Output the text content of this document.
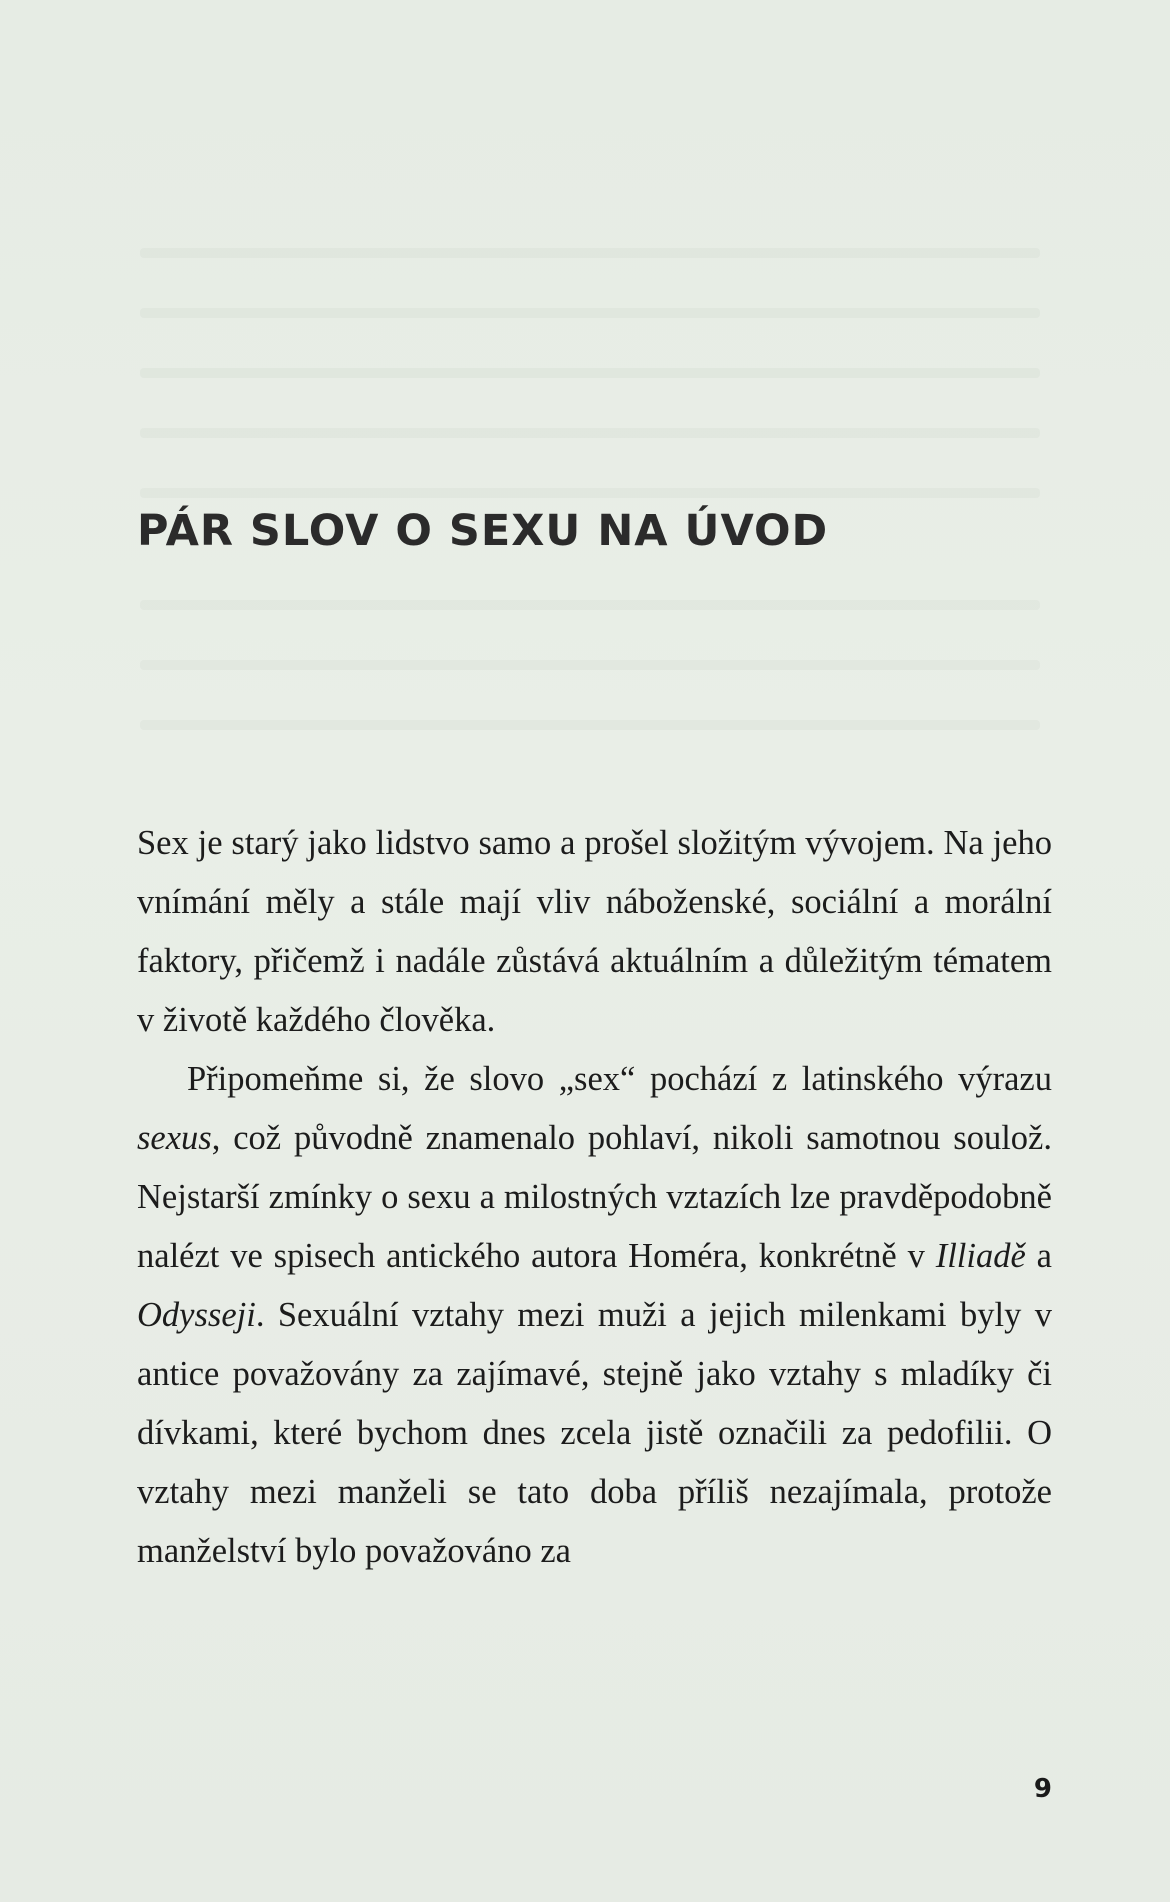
PÁR SLOV O SEXU NA ÚVOD

Sex je starý jako lidstvo samo a prošel složitým vývojem. Na jeho vnímání měly a stále mají vliv náboženské, sociální a morální faktory, přičemž i nadále zůstává aktuálním a důležitým tématem v životě každého člověka.

Připomeňme si, že slovo „sex“ pochází z latinského výrazu sexus, což původně znamenalo pohlaví, nikoli samotnou soulož. Nejstarší zmínky o sexu a milostných vztazích lze pravděpodobně nalézt ve spisech antického autora Homéra, konkrétně v Illiadě a Odysseji. Sexuální vztahy mezi muži a jejich milenkami byly v antice považovány za zajímavé, stejně jako vztahy s mladíky či dívkami, které bychom dnes zcela jistě označili za pedofilii. O vztahy mezi manželi se tato doba příliš nezajímala, protože manželství bylo považováno za

9
